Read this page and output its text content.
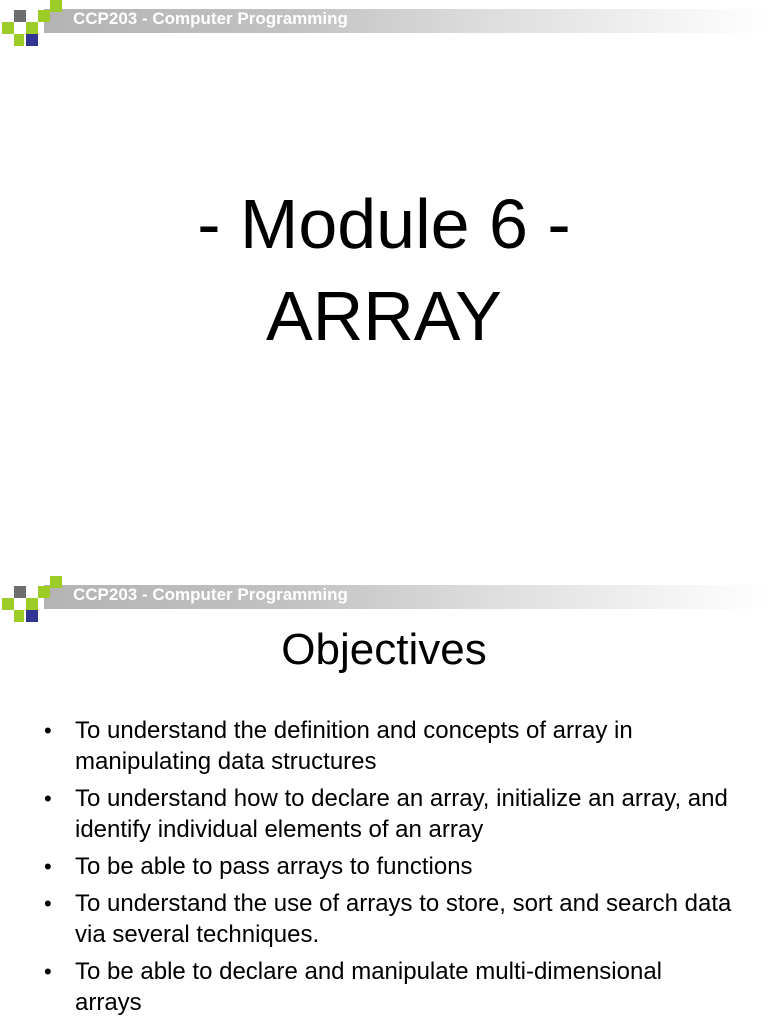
CCP203 - Computer Programming
- Module 6 -
ARRAY
CCP203 - Computer Programming
Objectives
• To understand the definition and concepts of array in manipulating data structures
• To understand how to declare an array, initialize an array, and identify individual elements of an array
• To be able to pass arrays to functions
• To understand the use of arrays to store, sort and search data via several techniques.
• To be able to declare and manipulate multi-dimensional arrays
